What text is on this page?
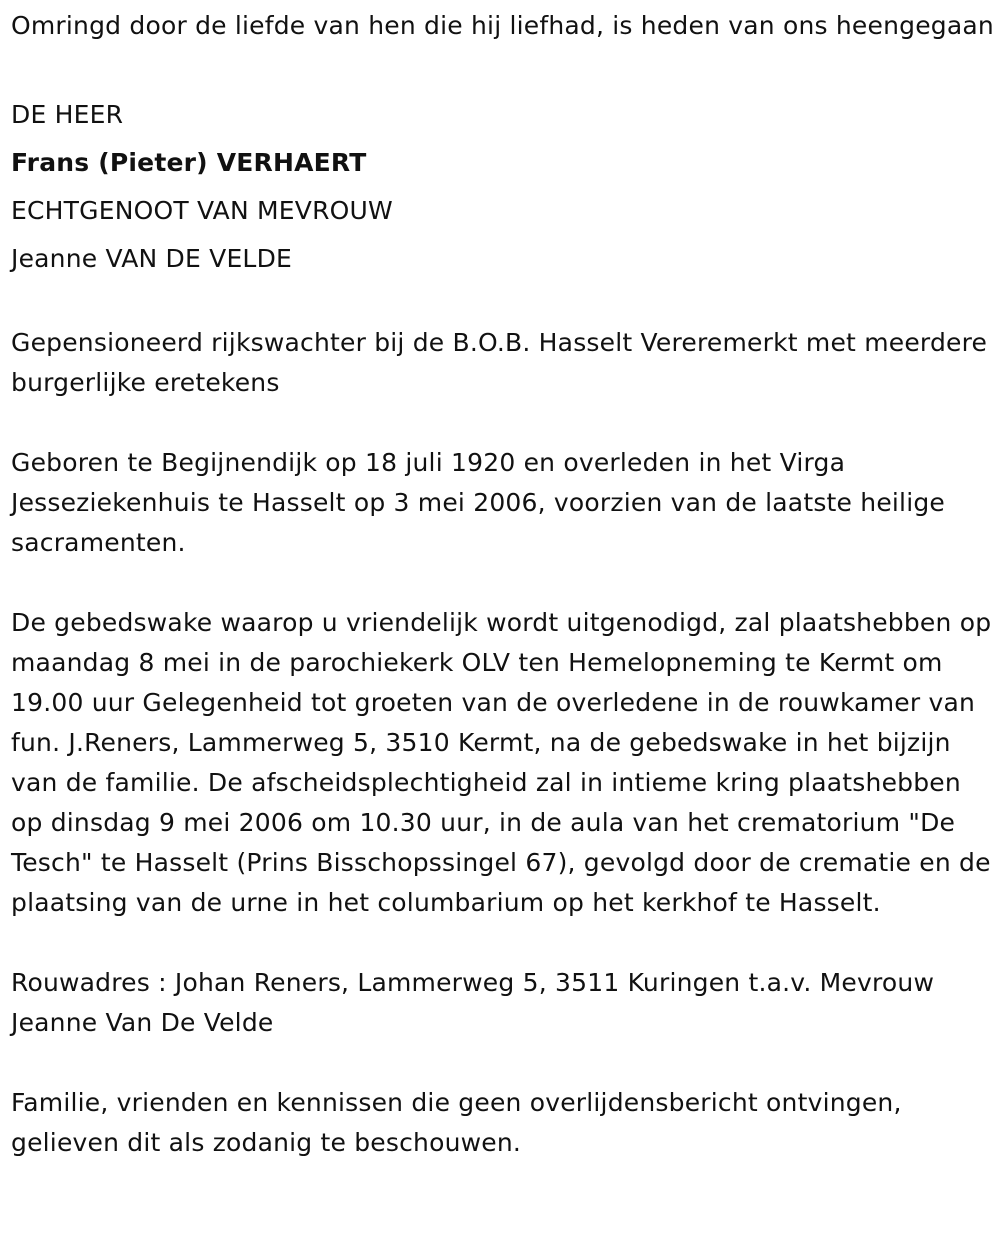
Omringd door de liefde van hen die hij liefhad, is heden van ons heengegaan

DE HEER
Frans (Pieter) VERHAERT
ECHTGENOOT VAN MEVROUW
Jeanne VAN DE VELDE

Gepensioneerd rijkswachter bij de B.O.B. Hasselt Vereremerkt met meerdere burgerlijke eretekens

Geboren te Begijnendijk op 18 juli 1920 en overleden in het Virga Jesseziekenhuis te Hasselt op 3 mei 2006, voorzien van de laatste heilige sacramenten.

De gebedswake waarop u vriendelijk wordt uitgenodigd, zal plaatshebben op maandag 8 mei in de parochiekerk OLV ten Hemelopneming te Kermt om 19.00 uur Gelegenheid tot groeten van de overledene in de rouwkamer van fun. J.Reners, Lammerweg 5, 3510 Kermt, na de gebedswake in het bijzijn van de familie. De afscheidsplechtigheid zal in intieme kring plaatshebben op dinsdag 9 mei 2006 om 10.30 uur, in de aula van het crematorium "De Tesch" te Hasselt (Prins Bisschopssingel 67), gevolgd door de crematie en de plaatsing van de urne in het columbarium op het kerkhof te Hasselt.

Rouwadres : Johan Reners, Lammerweg 5, 3511 Kuringen t.a.v. Mevrouw Jeanne Van De Velde

Familie, vrienden en kennissen die geen overlijdensbericht ontvingen, gelieven dit als zodanig te beschouwen.
